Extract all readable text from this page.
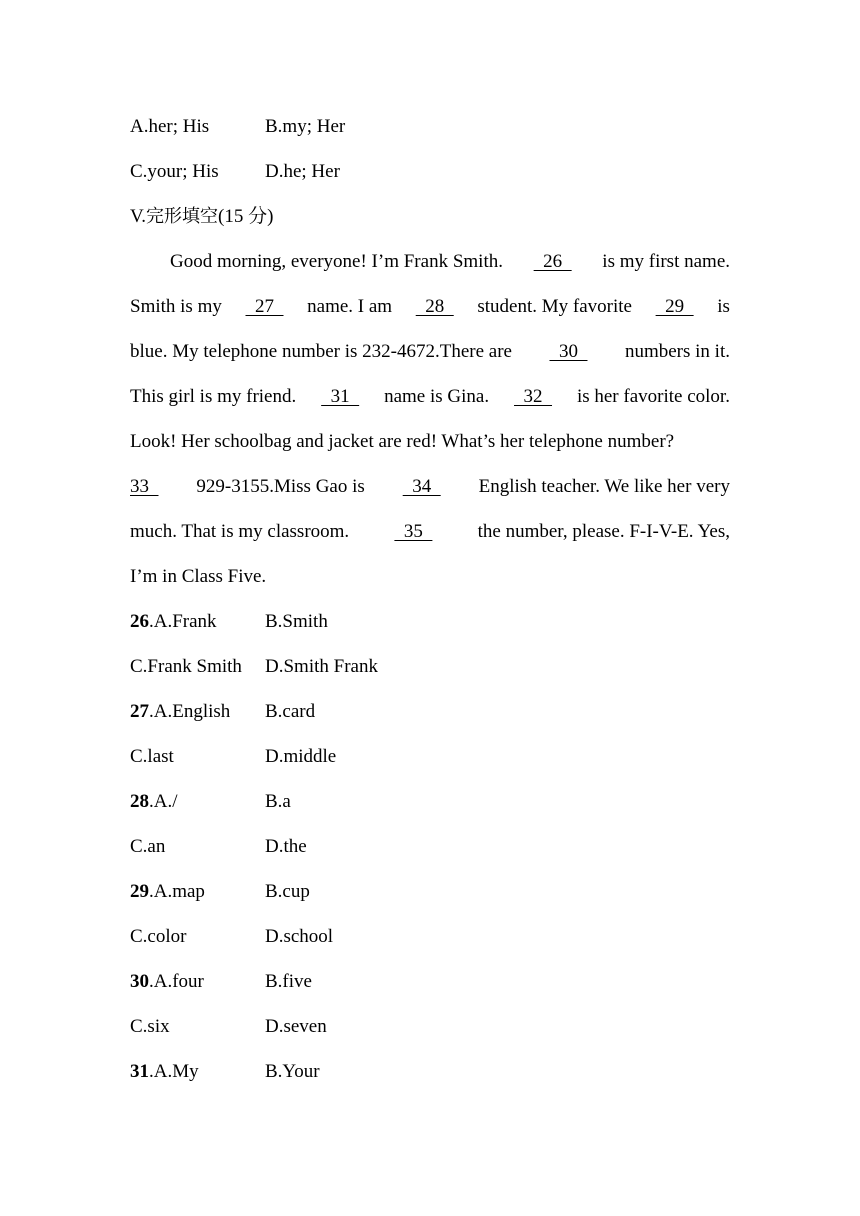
A.her; His	B.my; Her
C.your; His D.he; Her
V.完形填空(15 分)
Good morning, everyone! I’m Frank Smith. 26 is my first name.
Smith is my 27 name. I am 28 student. My favorite 29 is
blue. My telephone number is 232-4672.There are 30 numbers in it.
This girl is my friend. 31 name is Gina. 32 is her favorite color.
Look! Her schoolbag and jacket are red! What’s her telephone number?
33 929-3155.Miss Gao is 34 English teacher. We like her very
much. That is my classroom. 35 the number, please. F-I-V-E. Yes,
I’m in Class Five.
26.A.Frank	B.Smith
C.Frank Smith D.Smith Frank
27.A.English B.card
C.last	D.middle
28.A./	B.a
C.an	D.the
29.A.map	B.cup
C.color	D.school
30.A.four	B.five
C.six	D.seven
31.A.My	B.Your
